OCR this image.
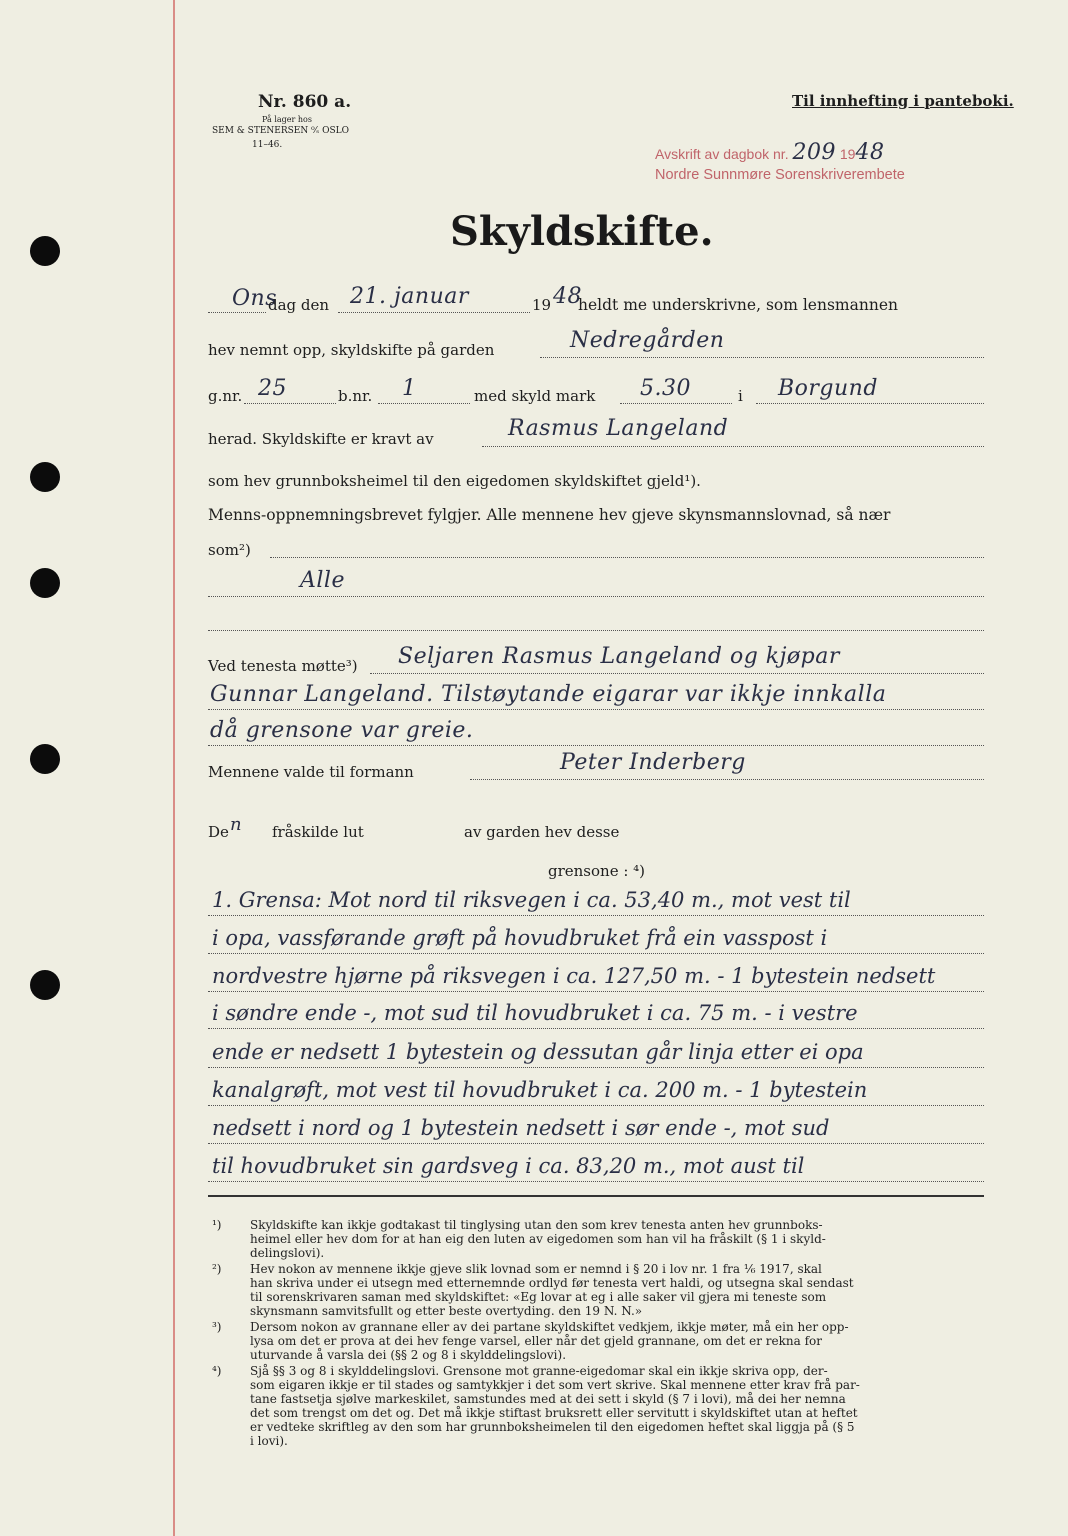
Nr. 860 a.
På lager hos
SEM & STENERSEN ⁰⁄ₛ OSLO
11–46.
Til innhefting i panteboki.
Avskrift av dagbok nr. 209 1948
Nordre Sunnmøre Sorenskriverembete
Skyldskifte.
Ons
dag den 21. januar	19 48
heldt me underskrivne, som lensmannen
hev nemnt opp, skyldskifte på garden	Nedregården
g.nr. 25	b.nr. 1	med skyld mark 5.30	i Borgund
herad. Skyldskifte er kravt av	Rasmus Langeland
som hev grunnboksheimel til den eigedomen skyldskiftet gjeld¹).
Menns-oppnemningsbrevet fylgjer. Alle mennene hev gjeve skynsmannslovnad, så nær
som²)
Alle
Ved tenesta møtte³) Seljaren Rasmus Langeland og kjøpar
Gunnar Langeland. Tilstøytande eigarar var ikkje innkalla
då grensone var greie.
Mennene valde til formann	Peter Inderberg
De n fråskilde lut	av garden hev desse
grensone : ⁴)
1. Grensa: Mot nord til riksvegen i ca. 53,40 m., mot vest til
i opa, vassførande grøft på hovudbruket frå ein vasspost i
nordvestre hjørne på riksvegen i ca. 127,50 m. - 1 bytestein nedsett
i søndre ende -, mot sud til hovudbruket i ca. 75 m. - i vestre
ende er nedsett 1 bytestein og dessutan går linja etter ei opa
kanalgrøft, mot vest til hovudbruket i ca. 200 m. - 1 bytestein
nedsett i nord og 1 bytestein nedsett i sør ende -, mot sud
til hovudbruket sin gardsveg i ca. 83,20 m., mot aust til
¹) Skyldskifte kan ikkje godtakast til tinglysing utan den som krev tenesta anten hev grunnboks-
heimel eller hev dom for at han eig den luten av eigedomen som han vil ha fråskilt (§ 1 i skyld-
delingslovi).
²) Hev nokon av mennene ikkje gjeve slik lovnad som er nemnd i § 20 i lov nr. 1 fra ⅙ 1917, skal
han skriva under ei utsegn med etternemnde ordlyd før tenesta vert haldi, og utsegna skal sendast
til sorenskrivaren saman med skyldskiftet: «Eg lovar at eg i alle saker vil gjera mi teneste som
skynsmann samvitsfullt og etter beste overtyding. den 19 N. N.»
³) Dersom nokon av grannane eller av dei partane skyldskiftet vedkjem, ikkje møter, må ein her opp-
lysa om det er prova at dei hev fenge varsel, eller når det gjeld grannane, om det er rekna for
uturvande å varsla dei (§§ 2 og 8 i skylddelingslovi).
⁴) Sjå §§ 3 og 8 i skylddelingslovi. Grensone mot granne-eigedomar skal ein ikkje skriva opp, der-
som eigaren ikkje er til stades og samtykkjer i det som vert skrive. Skal mennene etter krav frå par-
tane fastsetja sjølve markeskilet, samstundes med at dei sett i skyld (§ 7 i lovi), må dei her nemna
det som trengst om det og. Det må ikkje stiftast bruksrett eller servitutt i skyldskiftet utan at heftet
er vedteke skriftleg av den som har grunnboksheimelen til den eigedomen heftet skal liggja på (§ 5
i lovi).
